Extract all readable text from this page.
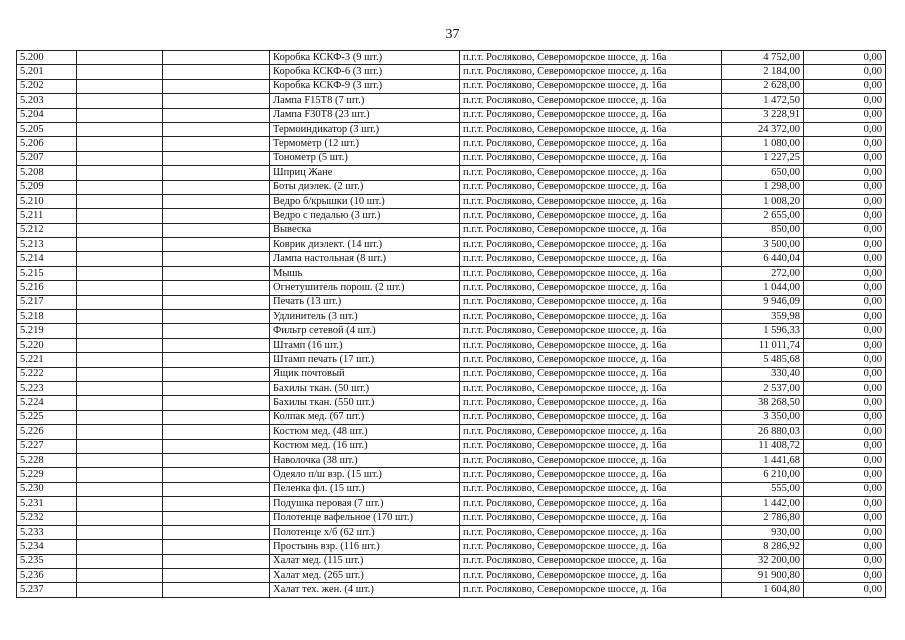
37
5.200			Коробка КСКФ-3 (9 шт.)	п.г.т. Росляково, Североморское шоссе, д. 16а	4 752,00	0,00
5.201			Коробка КСКФ-6 (3 шт.)	п.г.т. Росляково, Североморское шоссе, д. 16а	2 184,00	0,00
5.202			Коробка КСКФ-9 (3 шт.)	п.г.т. Росляково, Североморское шоссе, д. 16а	2 628,00	0,00
5.203			Лампа F15T8 (7 шт.)	п.г.т. Росляково, Североморское шоссе, д. 16а	1 472,50	0,00
5.204			Лампа F30T8 (23 шт.)	п.г.т. Росляково, Североморское шоссе, д. 16а	3 228,91	0,00
5.205			Термоиндикатор (3 шт.)	п.г.т. Росляково, Североморское шоссе, д. 16а	24 372,00	0,00
5.206			Термометр (12 шт.)	п.г.т. Росляково, Североморское шоссе, д. 16а	1 080,00	0,00
5.207			Тонометр (5 шт.)	п.г.т. Росляково, Североморское шоссе, д. 16а	1 227,25	0,00
5.208			Шприц Жане	п.г.т. Росляково, Североморское шоссе, д. 16а	650,00	0,00
5.209			Боты диэлек. (2 шт.)	п.г.т. Росляково, Североморское шоссе, д. 16а	1 298,00	0,00
5.210			Ведро б/крышки (10 шт.)	п.г.т. Росляково, Североморское шоссе, д. 16а	1 008,20	0,00
5.211			Ведро с педалью (3 шт.)	п.г.т. Росляково, Североморское шоссе, д. 16а	2 655,00	0,00
5.212			Вывеска	п.г.т. Росляково, Североморское шоссе, д. 16а	850,00	0,00
5.213			Коврик диэлект. (14 шт.)	п.г.т. Росляково, Североморское шоссе, д. 16а	3 500,00	0,00
5.214			Лампа настольная (8 шт.)	п.г.т. Росляково, Североморское шоссе, д. 16а	6 440,04	0,00
5.215			Мышь	п.г.т. Росляково, Североморское шоссе, д. 16а	272,00	0,00
5.216			Огнетушитель порош. (2 шт.)	п.г.т. Росляково, Североморское шоссе, д. 16а	1 044,00	0,00
5.217			Печать (13 шт.)	п.г.т. Росляково, Североморское шоссе, д. 16а	9 946,09	0,00
5.218			Удлинитель (3 шт.)	п.г.т. Росляково, Североморское шоссе, д. 16а	359,98	0,00
5.219			Фильтр сетевой (4 шт.)	п.г.т. Росляково, Североморское шоссе, д. 16а	1 596,33	0,00
5.220			Штамп (16 шт.)	п.г.т. Росляково, Североморское шоссе, д. 16а	11 011,74	0,00
5.221			Штамп печать (17 шт.)	п.г.т. Росляково, Североморское шоссе, д. 16а	5 485,68	0,00
5.222			Ящик почтовый	п.г.т. Росляково, Североморское шоссе, д. 16а	330,40	0,00
5.223			Бахилы ткан. (50 шт.)	п.г.т. Росляково, Североморское шоссе, д. 16а	2 537,00	0,00
5.224			Бахилы ткан. (550 шт.)	п.г.т. Росляково, Североморское шоссе, д. 16а	38 268,50	0,00
5.225			Колпак мед. (67 шт.)	п.г.т. Росляково, Североморское шоссе, д. 16а	3 350,00	0,00
5.226			Костюм мед. (48 шт.)	п.г.т. Росляково, Североморское шоссе, д. 16а	26 880,03	0,00
5.227			Костюм мед. (16 шт.)	п.г.т. Росляково, Североморское шоссе, д. 16а	11 408,72	0,00
5.228			Наволочка (38 шт.)	п.г.т. Росляково, Североморское шоссе, д. 16а	1 441,68	0,00
5.229			Одеяло п/ш взр. (15 шт.)	п.г.т. Росляково, Североморское шоссе, д. 16а	6 210,00	0,00
5.230			Пеленка фл. (15 шт.)	п.г.т. Росляково, Североморское шоссе, д. 16а	555,00	0,00
5.231			Подушка перовая (7 шт.)	п.г.т. Росляково, Североморское шоссе, д. 16а	1 442,00	0,00
5.232			Полотенце вафельное (170 шт.)	п.г.т. Росляково, Североморское шоссе, д. 16а	2 786,80	0,00
5.233			Полотенце х/б (62 шт.)	п.г.т. Росляково, Североморское шоссе, д. 16а	930,00	0,00
5.234			Простынь взр. (116 шт.)	п.г.т. Росляково, Североморское шоссе, д. 16а	8 286,92	0,00
5.235			Халат мед. (115 шт.)	п.г.т. Росляково, Североморское шоссе, д. 16а	32 200,00	0,00
5.236			Халат мед. (265 шт.)	п.г.т. Росляково, Североморское шоссе, д. 16а	91 900,80	0,00
5.237			Халат тех. жен. (4 шт.)	п.г.т. Росляково, Североморское шоссе, д. 16а	1 604,80	0,00
